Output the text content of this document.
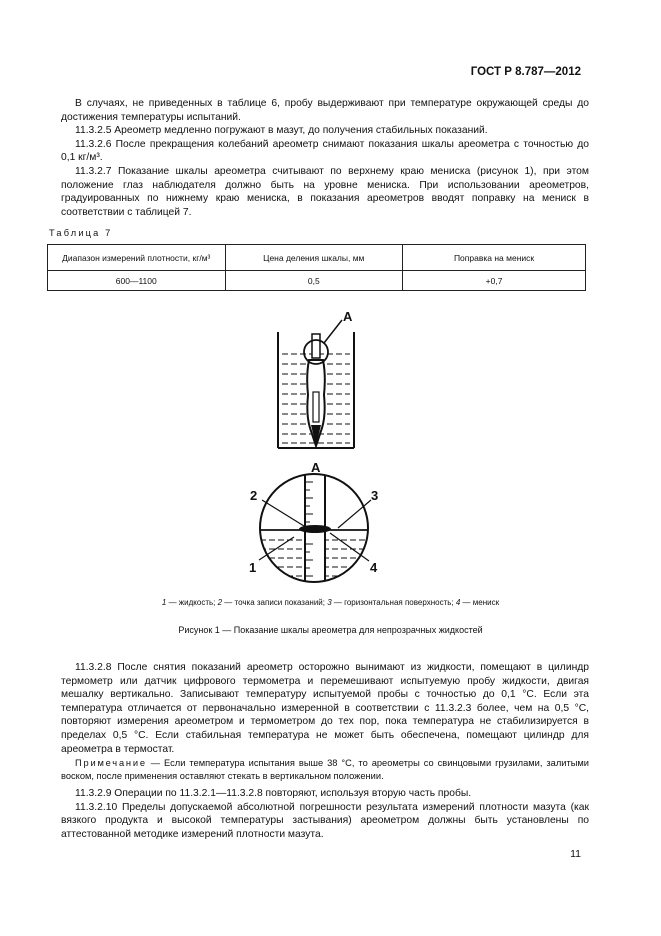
ГОСТ Р 8.787—2012

В случаях, не приведенных в таблице 6, пробу выдерживают при температуре окружающей среды до достижения температуры испытаний.

11.3.2.5 Ареометр медленно погружают в мазут, до получения стабильных показаний.

11.3.2.6 После прекращения колебаний ареометр снимают показания шкалы ареометра с точностью до 0,1 кг/м³.

11.3.2.7 Показание шкалы ареометра считывают по верхнему краю мениска (рисунок 1), при этом положение глаз наблюдателя должно быть на уровне мениска. При использовании ареометров, градуированных по нижнему краю мениска, в показания ареометров вводят поправку на мениск в соответствии с таблицей 7.

Таблица 7
Диапазон измерений плотности, кг/м³	Цена деления шкалы, мм	Поправка на мениск
600—1100	0,5	+0,7
А
А
2	3
1	4
1 — жидкость; 2 — точка записи показаний; 3 — горизонтальная поверхность; 4 — мениск
Рисунок 1 — Показание шкалы ареометра для непрозрачных жидкостей

11.3.2.8 После снятия показаний ареометр осторожно вынимают из жидкости, помещают в цилиндр термометр или датчик цифрового термометра и перемешивают испытуемую пробу жидкости, двигая мешалку вертикально. Записывают температуру испытуемой пробы с точностью до 0,1 °С. Если эта температура отличается от первоначально измеренной в соответствии с 11.3.2.3 более, чем на 0,5 °С, повторяют измерения ареометром и термометром до тех пор, пока температура не стабилизируется в пределах 0,5 °С. Если стабильная температура не может быть обеспечена, помещают цилиндр для ареометра в термостат.

Примечание — Если температура испытания выше 38 °С, то ареометры со свинцовыми грузилами, залитыми воском, после применения оставляют стекать в вертикальном положении.

11.3.2.9 Операции по 11.3.2.1—11.3.2.8 повторяют, используя вторую часть пробы.

11.3.2.10 Пределы допускаемой абсолютной погрешности результата измерений плотности мазута (как вязкого продукта и высокой температуры застывания) ареометром должны быть установлены по аттестованной методике измерений плотности мазута.

11
